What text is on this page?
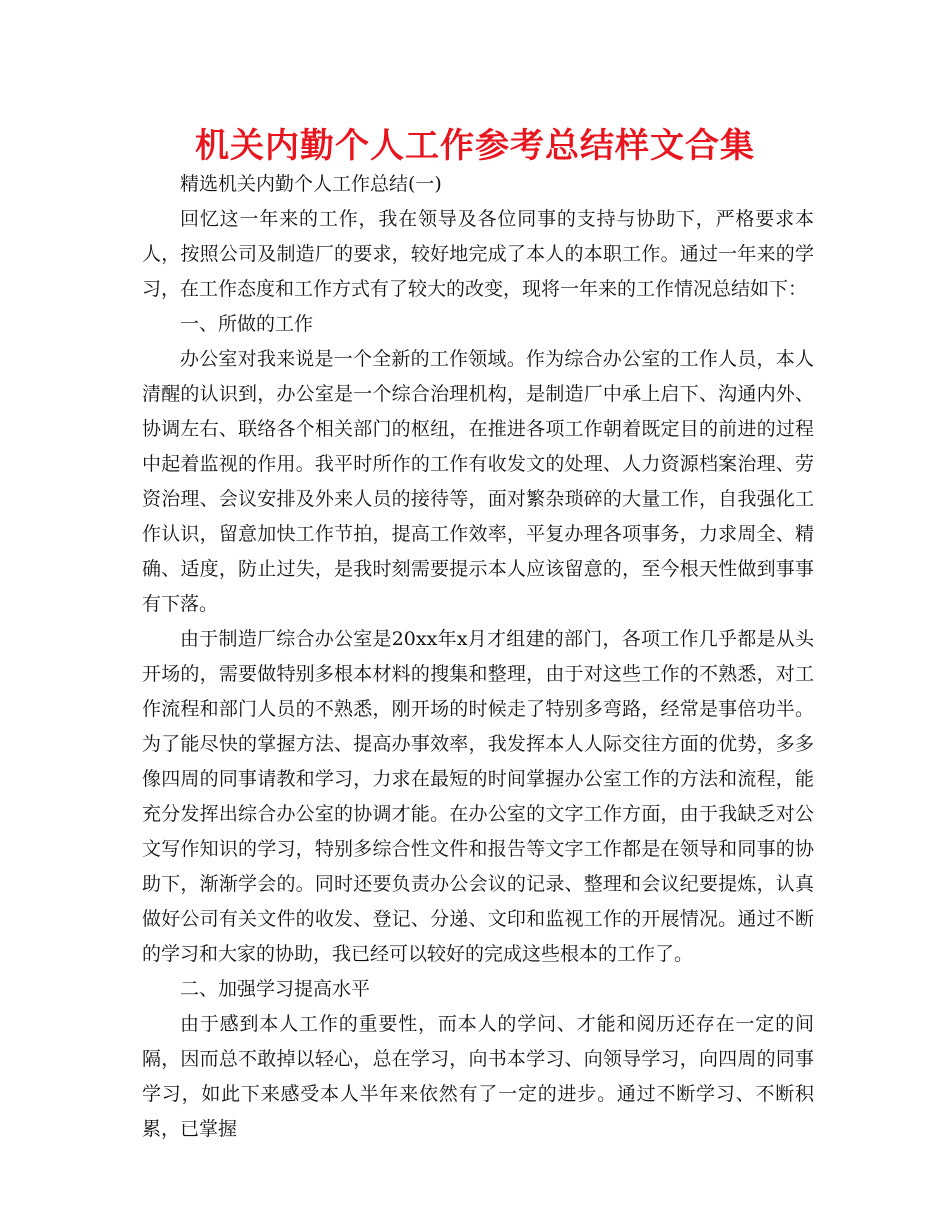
机关内勤个人工作参考总结样文合集

精选机关内勤个人工作总结(一)

回忆这一年来的工作，我在领导及各位同事的支持与协助下，严格要求本人，按照公司及制造厂的要求，较好地完成了本人的本职工作。通过一年来的学习，在工作态度和工作方式有了较大的改变，现将一年来的工作情况总结如下：

一、所做的工作

办公室对我来说是一个全新的工作领域。作为综合办公室的工作人员，本人清醒的认识到，办公室是一个综合治理机构，是制造厂中承上启下、沟通内外、协调左右、联络各个相关部门的枢纽，在推进各项工作朝着既定目的前进的过程中起着监视的作用。我平时所作的工作有收发文的处理、人力资源档案治理、劳资治理、会议安排及外来人员的接待等，面对繁杂琐碎的大量工作，自我强化工作认识，留意加快工作节拍，提高工作效率，平复办理各项事务，力求周全、精确、适度，防止过失，是我时刻需要提示本人应该留意的，至今根天性做到事事有下落。

由于制造厂综合办公室是20xx年x月才组建的部门，各项工作几乎都是从头开场的，需要做特别多根本材料的搜集和整理，由于对这些工作的不熟悉，对工作流程和部门人员的不熟悉，刚开场的时候走了特别多弯路，经常是事倍功半。为了能尽快的掌握方法、提高办事效率，我发挥本人人际交往方面的优势，多多像四周的同事请教和学习，力求在最短的时间掌握办公室工作的方法和流程，能充分发挥出综合办公室的协调才能。在办公室的文字工作方面，由于我缺乏对公文写作知识的学习，特别多综合性文件和报告等文字工作都是在领导和同事的协助下，渐渐学会的。同时还要负责办公会议的记录、整理和会议纪要提炼，认真做好公司有关文件的收发、登记、分递、文印和监视工作的开展情况。通过不断的学习和大家的协助，我已经可以较好的完成这些根本的工作了。

二、加强学习提高水平

由于感到本人工作的重要性，而本人的学问、才能和阅历还存在一定的间隔，因而总不敢掉以轻心，总在学习，向书本学习、向领导学习，向四周的同事学习，如此下来感受本人半年来依然有了一定的进步。通过不断学习、不断积累，已掌握
